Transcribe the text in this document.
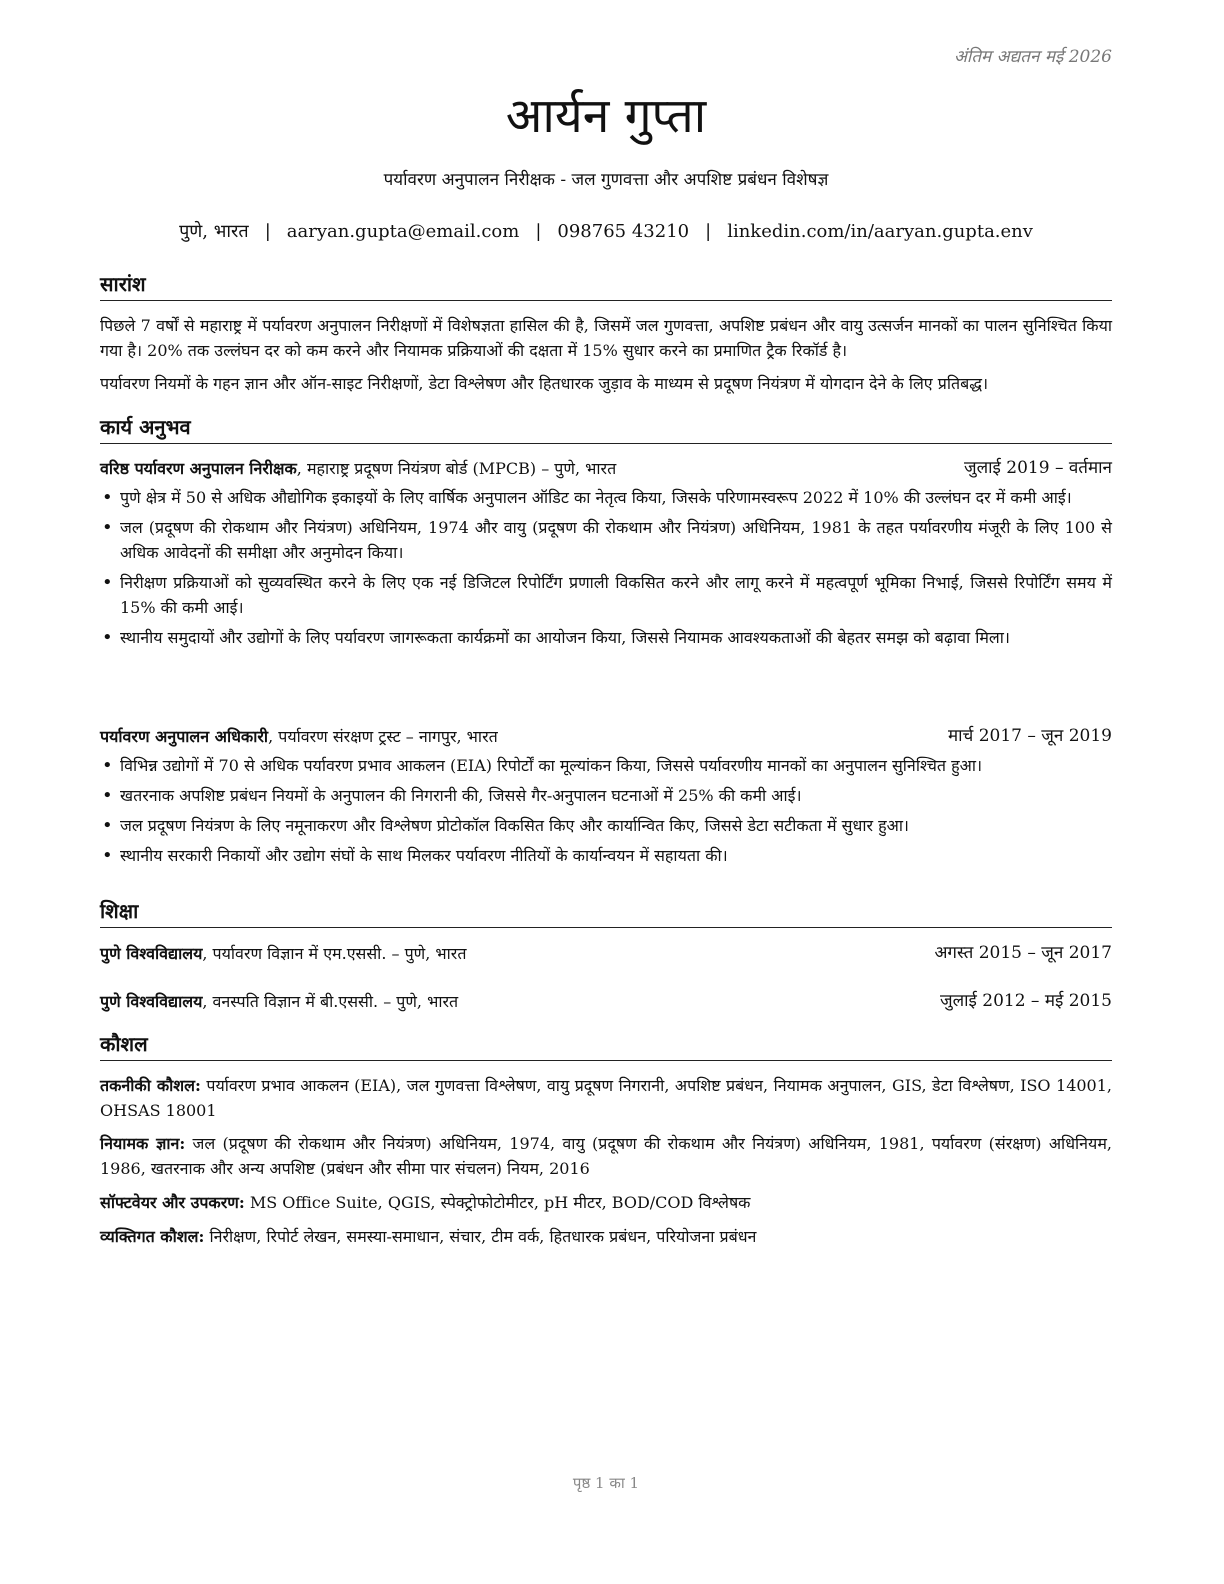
अंतिम अद्यतन मई 2026
आर्यन गुप्ता
पर्यावरण अनुपालन निरीक्षक - जल गुणवत्ता और अपशिष्ट प्रबंधन विशेषज्ञ
पुणे, भारत | aaryan.gupta@email.com | 098765 43210 | linkedin.com/in/aaryan.gupta.env
सारांश
पिछले 7 वर्षों से महाराष्ट्र में पर्यावरण अनुपालन निरीक्षणों में विशेषज्ञता हासिल की है, जिसमें जल गुणवत्ता, अपशिष्ट प्रबंधन और वायु उत्सर्जन मानकों का पालन सुनिश्चित किया गया है। 20% तक उल्लंघन दर को कम करने और नियामक प्रक्रियाओं की दक्षता में 15% सुधार करने का प्रमाणित ट्रैक रिकॉर्ड है।
पर्यावरण नियमों के गहन ज्ञान और ऑन-साइट निरीक्षणों, डेटा विश्लेषण और हितधारक जुड़ाव के माध्यम से प्रदूषण नियंत्रण में योगदान देने के लिए प्रतिबद्ध।
कार्य अनुभव
वरिष्ठ पर्यावरण अनुपालन निरीक्षक, महाराष्ट्र प्रदूषण नियंत्रण बोर्ड (MPCB) – पुणे, भारत	जुलाई 2019 – वर्तमान
• पुणे क्षेत्र में 50 से अधिक औद्योगिक इकाइयों के लिए वार्षिक अनुपालन ऑडिट का नेतृत्व किया, जिसके परिणामस्वरूप 2022 में 10% की उल्लंघन दर में कमी आई।
• जल (प्रदूषण की रोकथाम और नियंत्रण) अधिनियम, 1974 और वायु (प्रदूषण की रोकथाम और नियंत्रण) अधिनियम, 1981 के तहत पर्यावरणीय मंजूरी के लिए 100 से अधिक आवेदनों की समीक्षा और अनुमोदन किया।
• निरीक्षण प्रक्रियाओं को सुव्यवस्थित करने के लिए एक नई डिजिटल रिपोर्टिंग प्रणाली विकसित करने और लागू करने में महत्वपूर्ण भूमिका निभाई, जिससे रिपोर्टिंग समय में 15% की कमी आई।
• स्थानीय समुदायों और उद्योगों के लिए पर्यावरण जागरूकता कार्यक्रमों का आयोजन किया, जिससे नियामक आवश्यकताओं की बेहतर समझ को बढ़ावा मिला।
पर्यावरण अनुपालन अधिकारी, पर्यावरण संरक्षण ट्रस्ट – नागपुर, भारत	मार्च 2017 – जून 2019
• विभिन्न उद्योगों में 70 से अधिक पर्यावरण प्रभाव आकलन (EIA) रिपोर्टों का मूल्यांकन किया, जिससे पर्यावरणीय मानकों का अनुपालन सुनिश्चित हुआ।
• खतरनाक अपशिष्ट प्रबंधन नियमों के अनुपालन की निगरानी की, जिससे गैर-अनुपालन घटनाओं में 25% की कमी आई।
• जल प्रदूषण नियंत्रण के लिए नमूनाकरण और विश्लेषण प्रोटोकॉल विकसित किए और कार्यान्वित किए, जिससे डेटा सटीकता में सुधार हुआ।
• स्थानीय सरकारी निकायों और उद्योग संघों के साथ मिलकर पर्यावरण नीतियों के कार्यान्वयन में सहायता की।
शिक्षा
पुणे विश्वविद्यालय, पर्यावरण विज्ञान में एम.एससी. – पुणे, भारत	अगस्त 2015 – जून 2017
पुणे विश्वविद्यालय, वनस्पति विज्ञान में बी.एससी. – पुणे, भारत	जुलाई 2012 – मई 2015
कौशल
तकनीकी कौशल: पर्यावरण प्रभाव आकलन (EIA), जल गुणवत्ता विश्लेषण, वायु प्रदूषण निगरानी, अपशिष्ट प्रबंधन, नियामक अनुपालन, GIS, डेटा विश्लेषण, ISO 14001, OHSAS 18001
नियामक ज्ञान: जल (प्रदूषण की रोकथाम और नियंत्रण) अधिनियम, 1974, वायु (प्रदूषण की रोकथाम और नियंत्रण) अधिनियम, 1981, पर्यावरण (संरक्षण) अधिनियम, 1986, खतरनाक और अन्य अपशिष्ट (प्रबंधन और सीमा पार संचलन) नियम, 2016
सॉफ्टवेयर और उपकरण: MS Office Suite, QGIS, स्पेक्ट्रोफोटोमीटर, pH मीटर, BOD/COD विश्लेषक
व्यक्तिगत कौशल: निरीक्षण, रिपोर्ट लेखन, समस्या-समाधान, संचार, टीम वर्क, हितधारक प्रबंधन, परियोजना प्रबंधन
पृष्ठ 1 का 1
